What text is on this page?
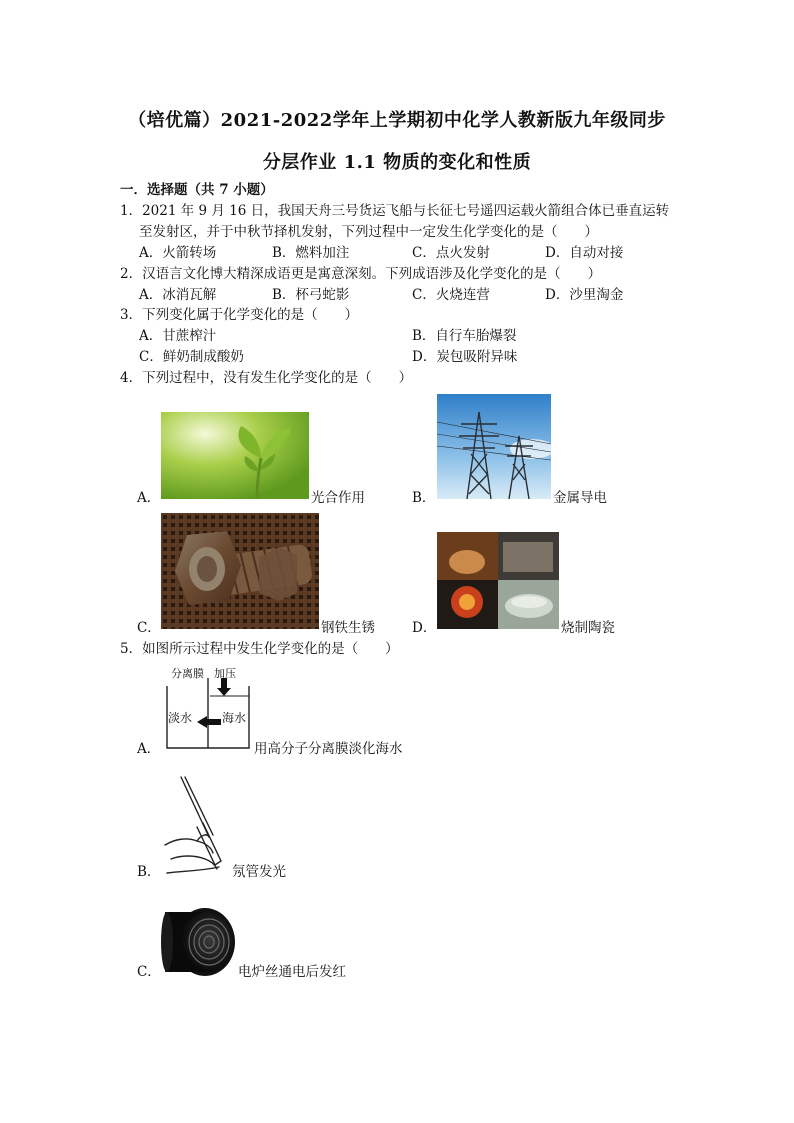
（培优篇）2021-2022学年上学期初中化学人教新版九年级同步
分层作业 1.1 物质的变化和性质
一．选择题（共 7 小题）
1．2021 年 9 月 16 日，我国天舟三号货运飞船与长征七号遥四运载火箭组合体已垂直运转
至发射区，并于中秋节择机发射，下列过程中一定发生化学变化的是（　　）
A．火箭转场	B．燃料加注	C．点火发射	D．自动对接
2．汉语言文化博大精深成语更是寓意深刻。下列成语涉及化学变化的是（　　）
A．冰消瓦解	B．杯弓蛇影	C．火烧连营	D．沙里淘金
3．下列变化属于化学变化的是（　　）
A．甘蔗榨汁	B．自行车胎爆裂
C．鲜奶制成酸奶	D．炭包吸附异味
4．下列过程中，没有发生化学变化的是（　　）
A．	光合作用	B．	金属导电
C．	钢铁生锈	D．	烧制陶瓷
5．如图所示过程中发生化学变化的是（　　）
分离膜 加压
淡水 海水
A．	用高分子分离膜淡化海水
B．	氖管发光
C．	电炉丝通电后发红
